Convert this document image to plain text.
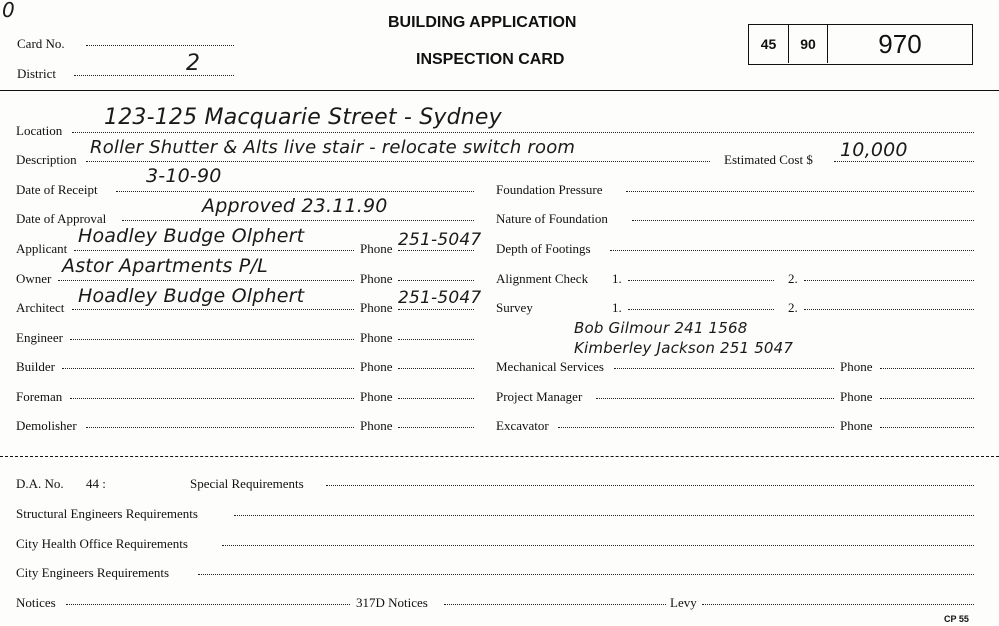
0
Card No.
District	2
BUILDING APPLICATION
INSPECTION CARD
45	90	970
Location
123-125 Macquarie Street - Sydney
Description
Roller Shutter & Alts live stair - relocate switch room
Estimated Cost $ 10,000
Date of Receipt
3-10-90
Date of Approval
Approved 23.11.90
Applicant
Hoadley Budge Olphert
Phone 251-5047
Owner
Astor Apartments P/L
Phone
Architect
Hoadley Budge Olphert
Phone 251-5047
Engineer	Phone
Builder	Phone
Foreman	Phone
Demolisher	Phone
Foundation Pressure
Nature of Foundation
Depth of Footings
Alignment Check 1.	2.
Survey	1.	2.
Bob Gilmour 241 1568
Kimberley Jackson 251 5047
Mechanical Services	Phone
Project Manager	Phone
Excavator	Phone
D.A. No. 44 :	Special Requirements
Structural Engineers Requirements
City Health Office Requirements
City Engineers Requirements
Notices	317D Notices	Levy
CP 55
